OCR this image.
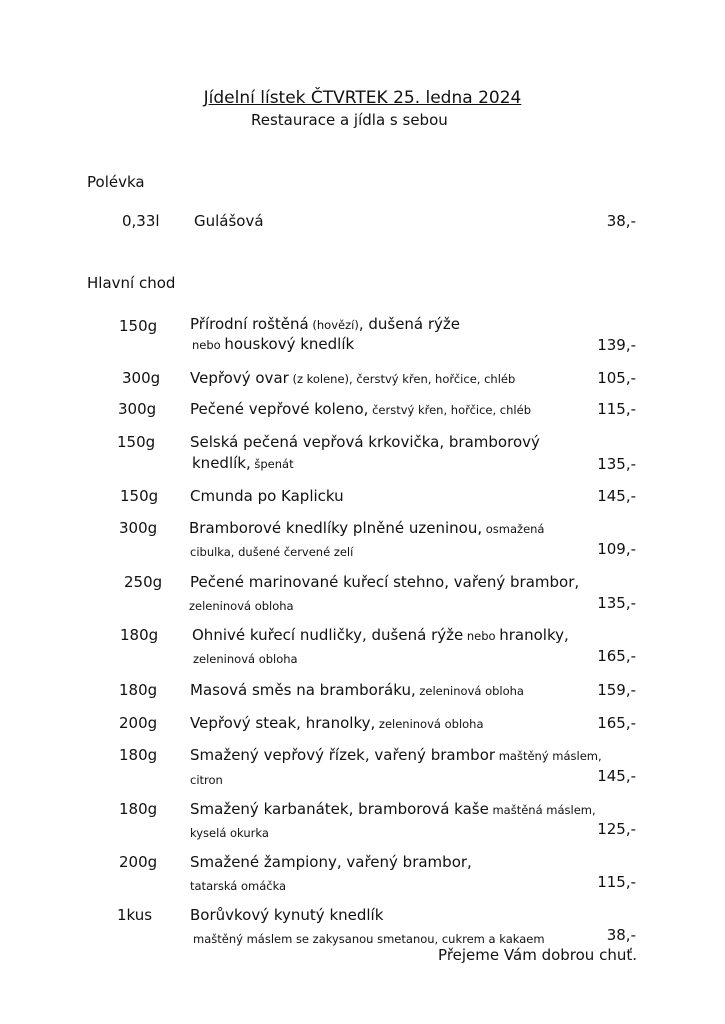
Jídelní lístek ČTVRTEK 25. ledna 2024
Restaurace a jídla s sebou
Polévka
0,33l Gulášová	38,-
Hlavní chod
150g Přírodní roštěná (hovězí), dušená rýže
nebo houskový knedlík	139,-
300g Vepřový ovar (z kolene), čerstvý křen, hořčice, chléb	105,-
300g Pečené vepřové koleno, čerstvý křen, hořčice, chléb	115,-
150g Selská pečená vepřová krkovička, bramborový
knedlík, špenát	135,-
150g Cmunda po Kaplicku	145,-
300g Bramborové knedlíky plněné uzeninou, osmažená
cibulka, dušené červené zelí	109,-
250g Pečené marinované kuřecí stehno, vařený brambor,
zeleninová obloha	135,-
180g Ohnivé kuřecí nudličky, dušená rýže nebo hranolky,
zeleninová obloha	165,-
180g Masová směs na bramboráku, zeleninová obloha	159,-
200g Vepřový steak, hranolky, zeleninová obloha	165,-
180g Smažený vepřový řízek, vařený brambor maštěný máslem,
citron	145,-
180g Smažený karbanátek, bramborová kaše maštěná máslem,
kyselá okurka	125,-
200g Smažené žampiony, vařený brambor,
tatarská omáčka	115,-
1kus	Borůvkový kynutý knedlík
maštěný máslem se zakysanou smetanou, cukrem a kakaem	38,-
Přejeme Vám dobrou chuť.
